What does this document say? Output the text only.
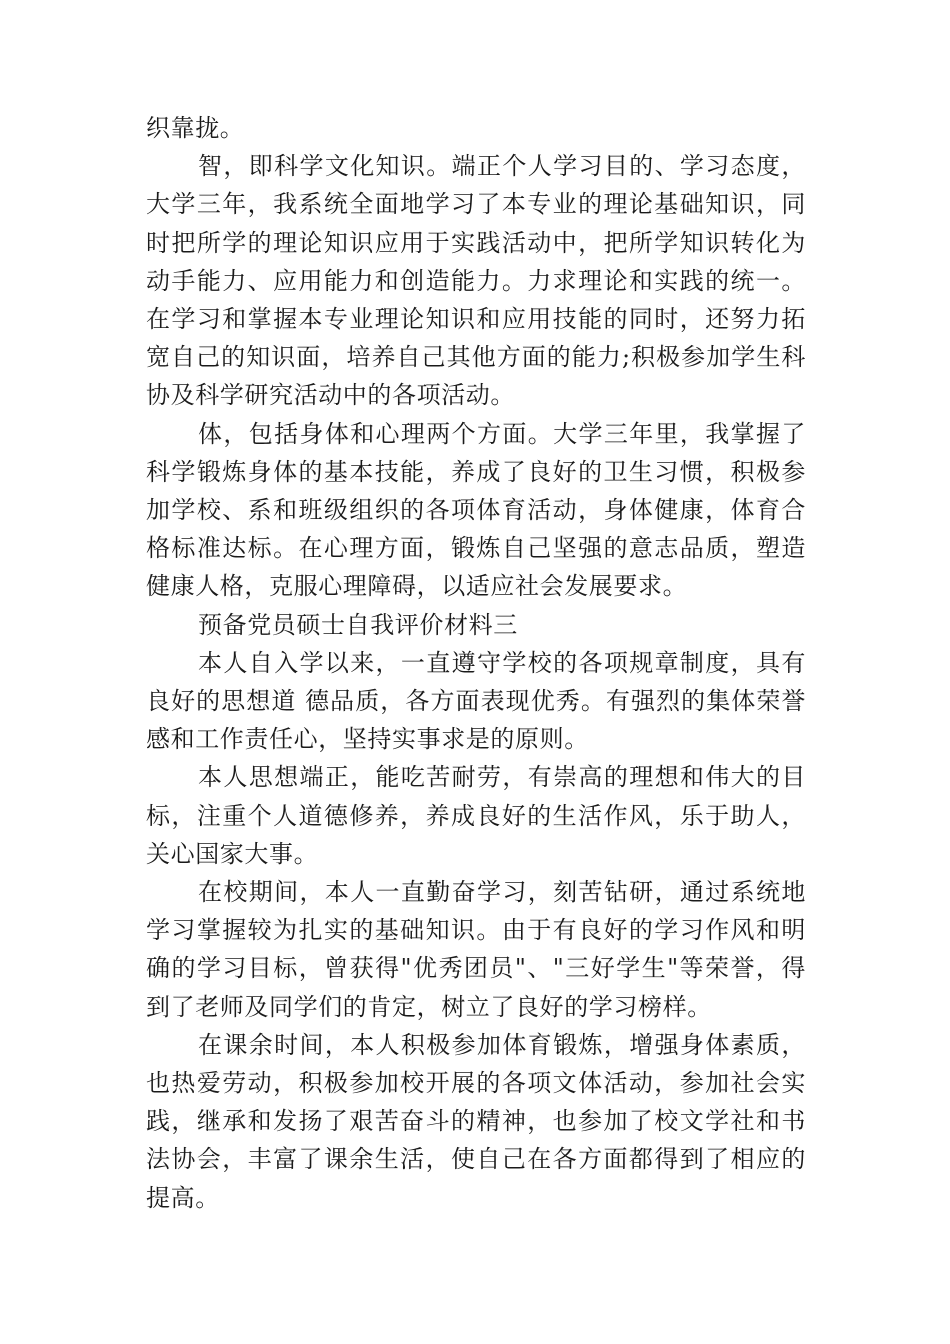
织靠拢。

智，即科学文化知识。端正个人学习目的、学习态度，大学三年，我系统全面地学习了本专业的理论基础知识，同时把所学的理论知识应用于实践活动中，把所学知识转化为动手能力、应用能力和创造能力。力求理论和实践的统一。在学习和掌握本专业理论知识和应用技能的同时，还努力拓宽自己的知识面，培养自己其他方面的能力;积极参加学生科协及科学研究活动中的各项活动。

体，包括身体和心理两个方面。大学三年里，我掌握了科学锻炼身体的基本技能，养成了良好的卫生习惯，积极参加学校、系和班级组织的各项体育活动，身体健康，体育合格标准达标。在心理方面，锻炼自己坚强的意志品质，塑造健康人格，克服心理障碍，以适应社会发展要求。

预备党员硕士自我评价材料三

本人自入学以来，一直遵守学校的各项规章制度，具有良好的思想道 德品质，各方面表现优秀。有强烈的集体荣誉感和工作责任心，坚持实事求是的原则。

本人思想端正，能吃苦耐劳，有崇高的理想和伟大的目标，注重个人道德修养，养成良好的生活作风，乐于助人，关心国家大事。

在校期间，本人一直勤奋学习，刻苦钻研，通过系统地学习掌握较为扎实的基础知识。由于有良好的学习作风和明确的学习目标，曾获得"优秀团员"、"三好学生"等荣誉，得到了老师及同学们的肯定，树立了良好的学习榜样。

在课余时间，本人积极参加体育锻炼，增强身体素质，也热爱劳动，积极参加校开展的各项文体活动，参加社会实践，继承和发扬了艰苦奋斗的精神，也参加了校文学社和书法协会，丰富了课余生活，使自己在各方面都得到了相应的提高。
